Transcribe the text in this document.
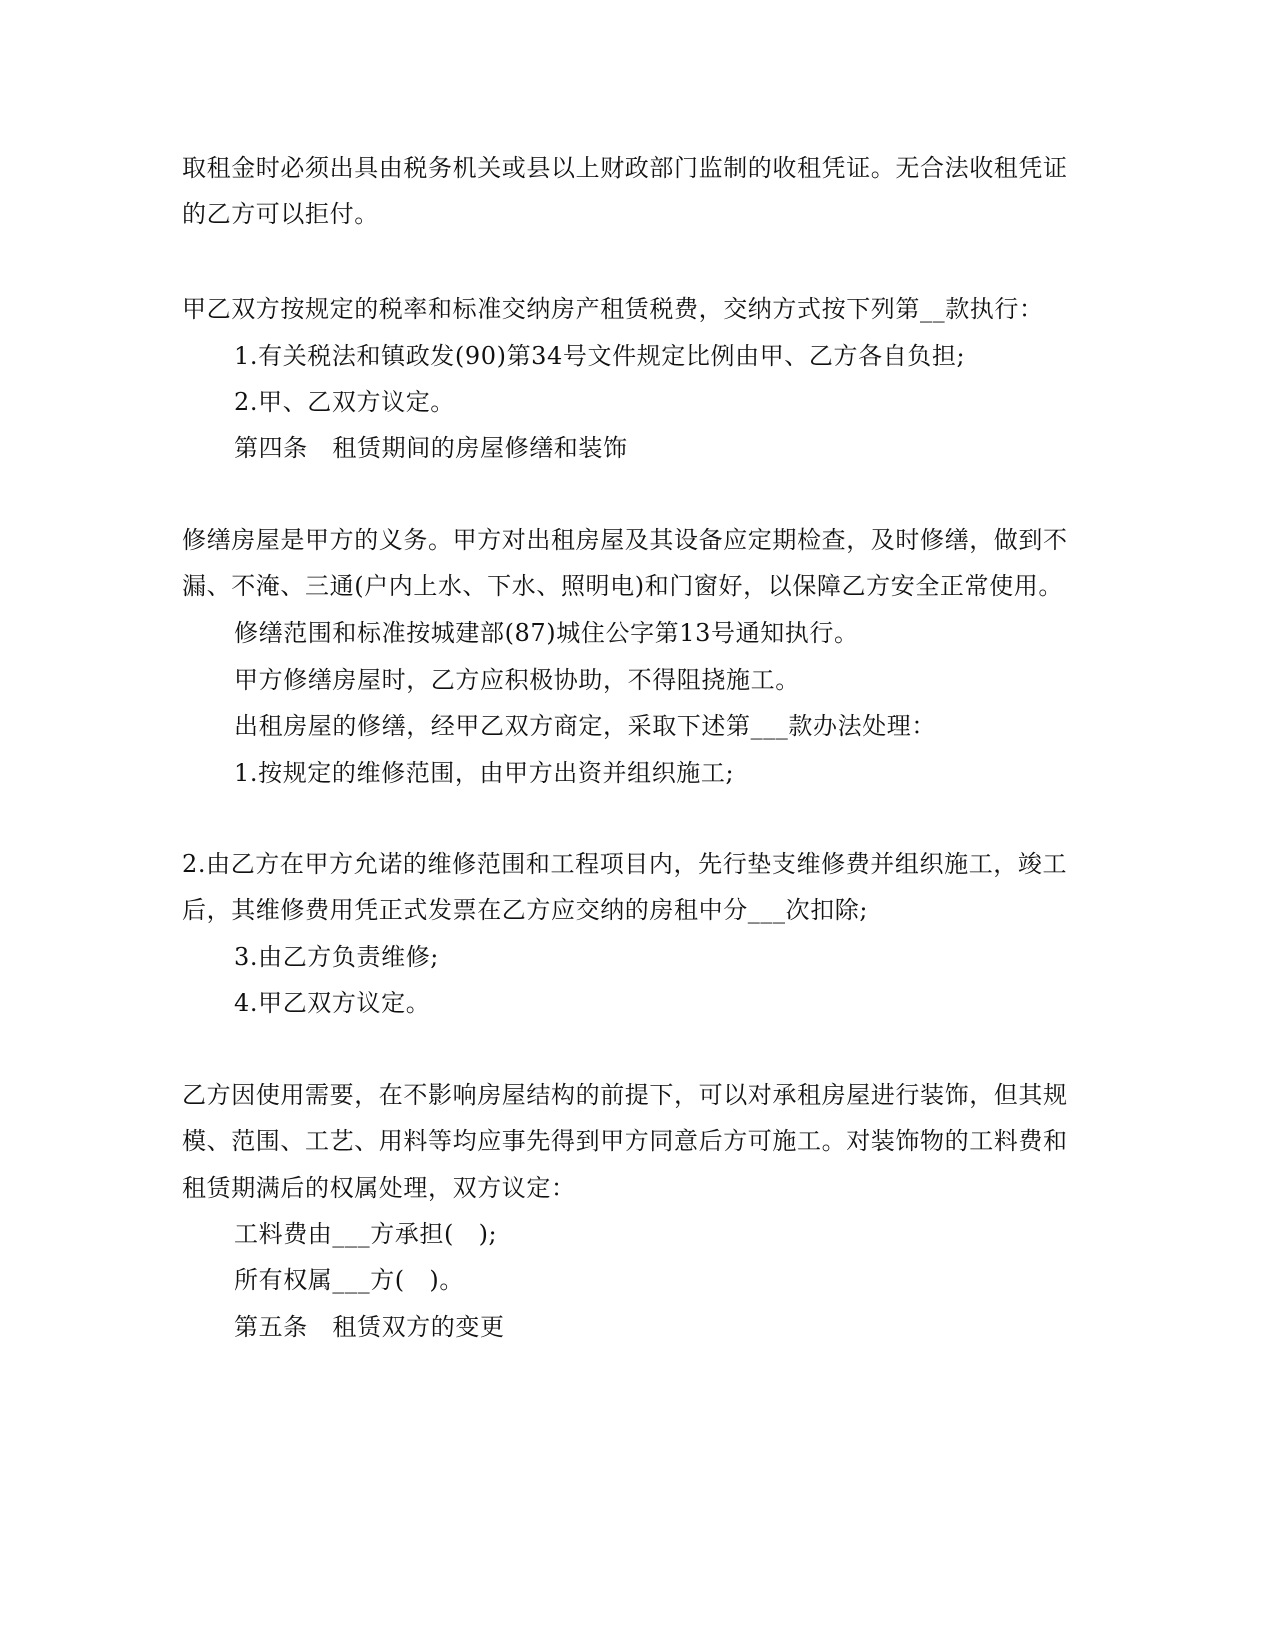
取租金时必须出具由税务机关或县以上财政部门监制的收租凭证。无合法收租凭证
的乙方可以拒付。
甲乙双方按规定的税率和标准交纳房产租赁税费，交纳方式按下列第__款执行：
1.有关税法和镇政发(90)第34号文件规定比例由甲、乙方各自负担;
2.甲、乙双方议定。
第四条　租赁期间的房屋修缮和装饰
修缮房屋是甲方的义务。甲方对出租房屋及其设备应定期检查，及时修缮，做到不
漏、不淹、三通(户内上水、下水、照明电)和门窗好，以保障乙方安全正常使用。
修缮范围和标准按城建部(87)城住公字第13号通知执行。
甲方修缮房屋时，乙方应积极协助，不得阻挠施工。
出租房屋的修缮，经甲乙双方商定，采取下述第___款办法处理：
1.按规定的维修范围，由甲方出资并组织施工;
2.由乙方在甲方允诺的维修范围和工程项目内，先行垫支维修费并组织施工，竣工
后，其维修费用凭正式发票在乙方应交纳的房租中分___次扣除;
3.由乙方负责维修;
4.甲乙双方议定。
乙方因使用需要，在不影响房屋结构的前提下，可以对承租房屋进行装饰，但其规
模、范围、工艺、用料等均应事先得到甲方同意后方可施工。对装饰物的工料费和
租赁期满后的权属处理，双方议定：
工料费由___方承担(　);
所有权属___方(　)。
第五条　租赁双方的变更
